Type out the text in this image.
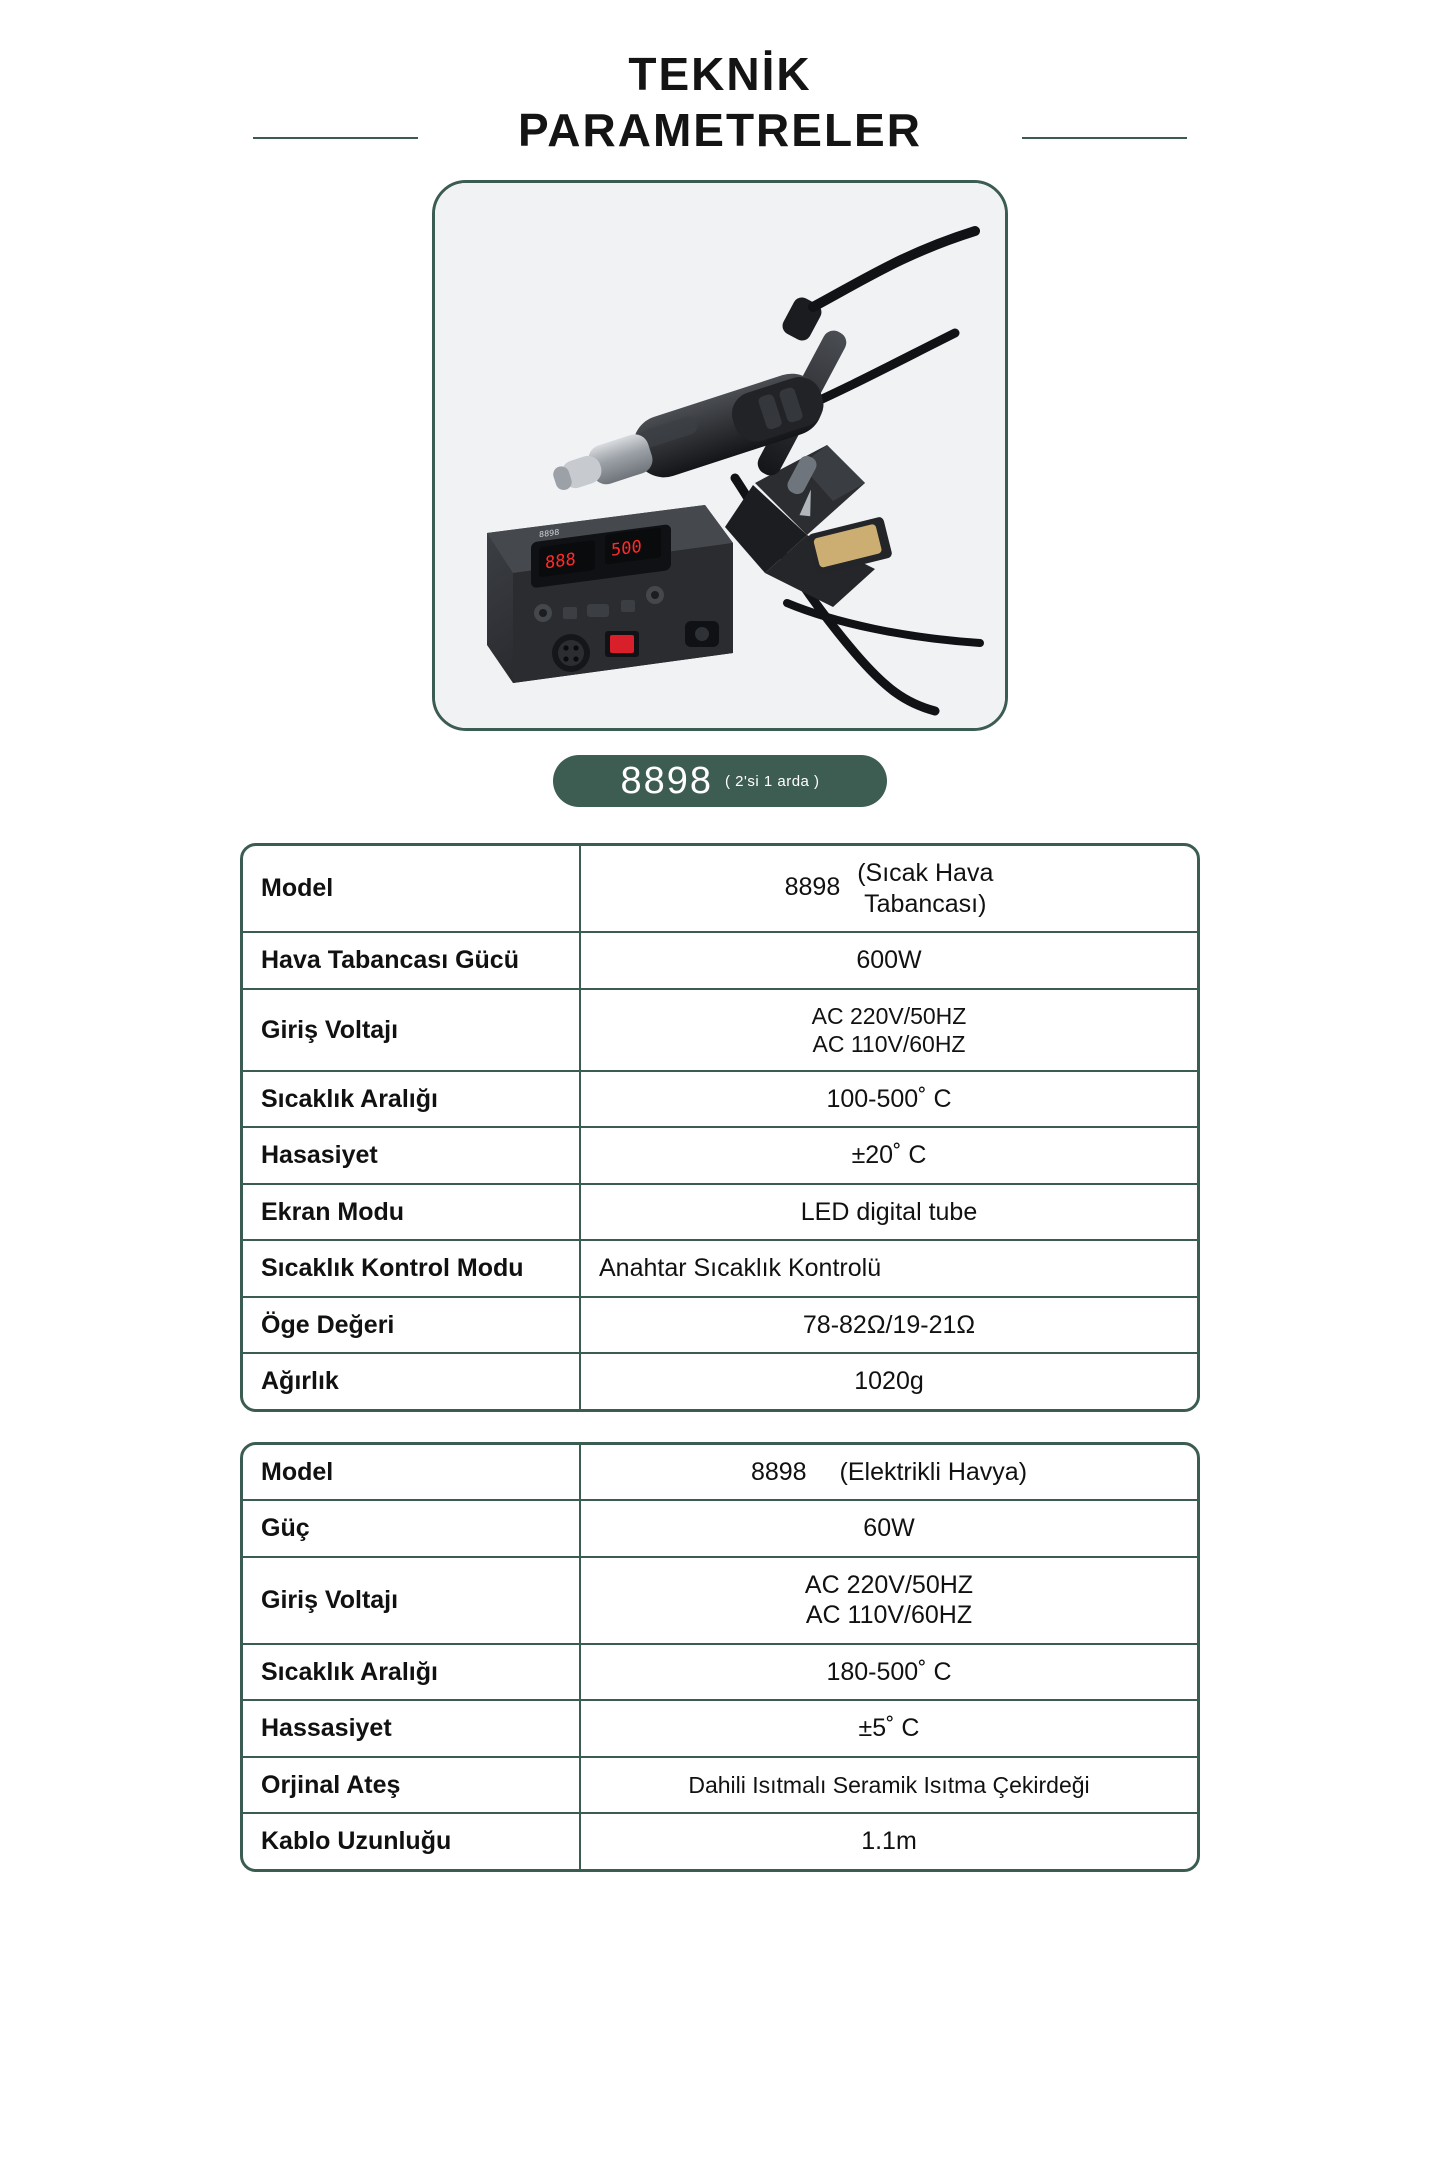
TEKNİK
PARAMETRELER
888
500
8898
8898 ( 2'si 1 arda )
Model	8898
(Sıcak Hava
Tabancası)

Hava Tabancası Gücü	600W
Giriş Voltajı	AC 220V/50HZ
AC 110V/60HZ

Sıcaklık Aralığı	100-500˚ C
Hasasiyet	±20˚ C
Ekran Modu	LED digital tube
Sıcaklık Kontrol Modu	Anahtar Sıcaklık Kontrolü
Öge Değeri	78-82Ω/19-21Ω
Ağırlık	1020g
Model	8898 (Elektrikli Havya)
Güç	60W
Giriş Voltajı	AC 220V/50HZ
AC 110V/60HZ

Sıcaklık Aralığı	180-500˚ C
Hassasiyet	±5˚ C
Orjinal Ateş	Dahili Isıtmalı Seramik Isıtma Çekirdeği
Kablo Uzunluğu	1.1m
